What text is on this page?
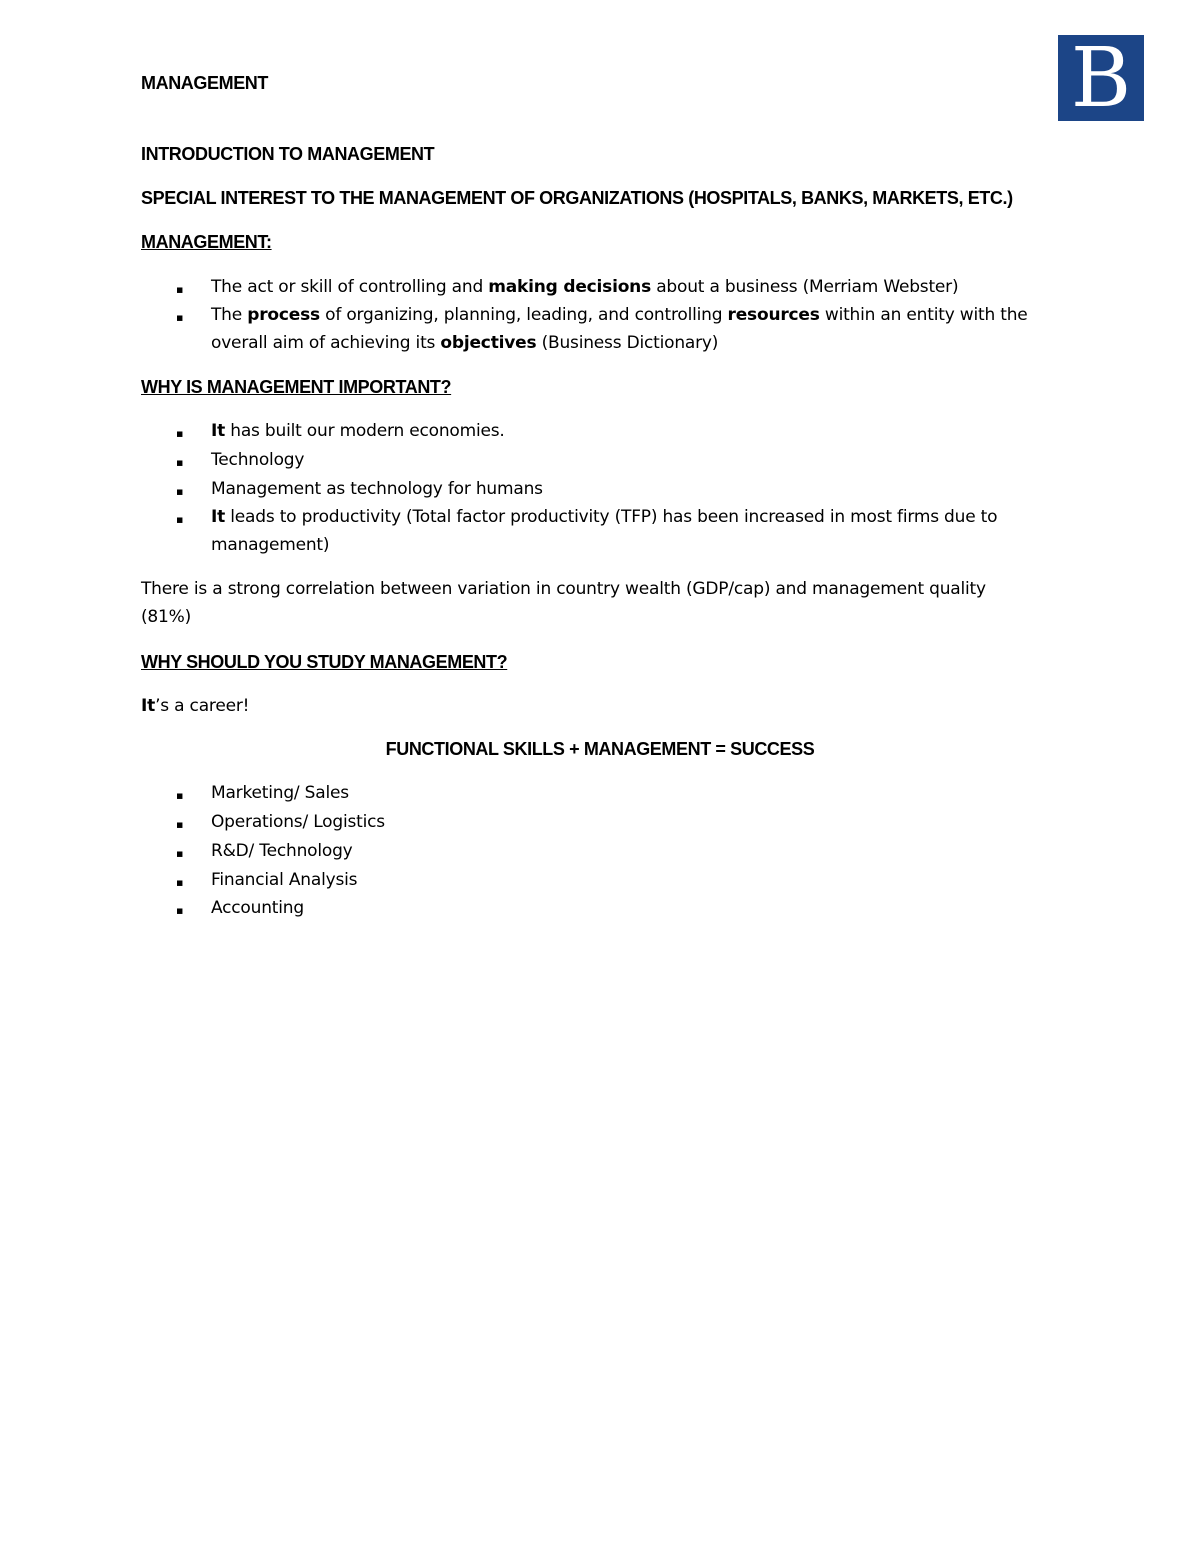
B

MANAGEMENT

INTRODUCTION TO MANAGEMENT

SPECIAL INTEREST TO THE MANAGEMENT OF ORGANIZATIONS (HOSPITALS, BANKS, MARKETS, ETC.)

MANAGEMENT:

▪ The act or skill of controlling and making decisions about a business (Merriam Webster)

▪ The process of organizing, planning, leading, and controlling resources within an entity with the

overall aim of achieving its objectives (Business Dictionary)

WHY IS MANAGEMENT IMPORTANT?

▪ It has built our modern economies.

▪ Technology

▪ Management as technology for humans

▪ It leads to productivity (Total factor productivity (TFP) has been increased in most firms due to

management)

There is a strong correlation between variation in country wealth (GDP/cap) and management quality

(81%)

WHY SHOULD YOU STUDY MANAGEMENT?

It’s a career!

FUNCTIONAL SKILLS + MANAGEMENT = SUCCESS

▪ Marketing/ Sales

▪ Operations/ Logistics

▪ R&D/ Technology

▪ Financial Analysis

▪ Accounting
